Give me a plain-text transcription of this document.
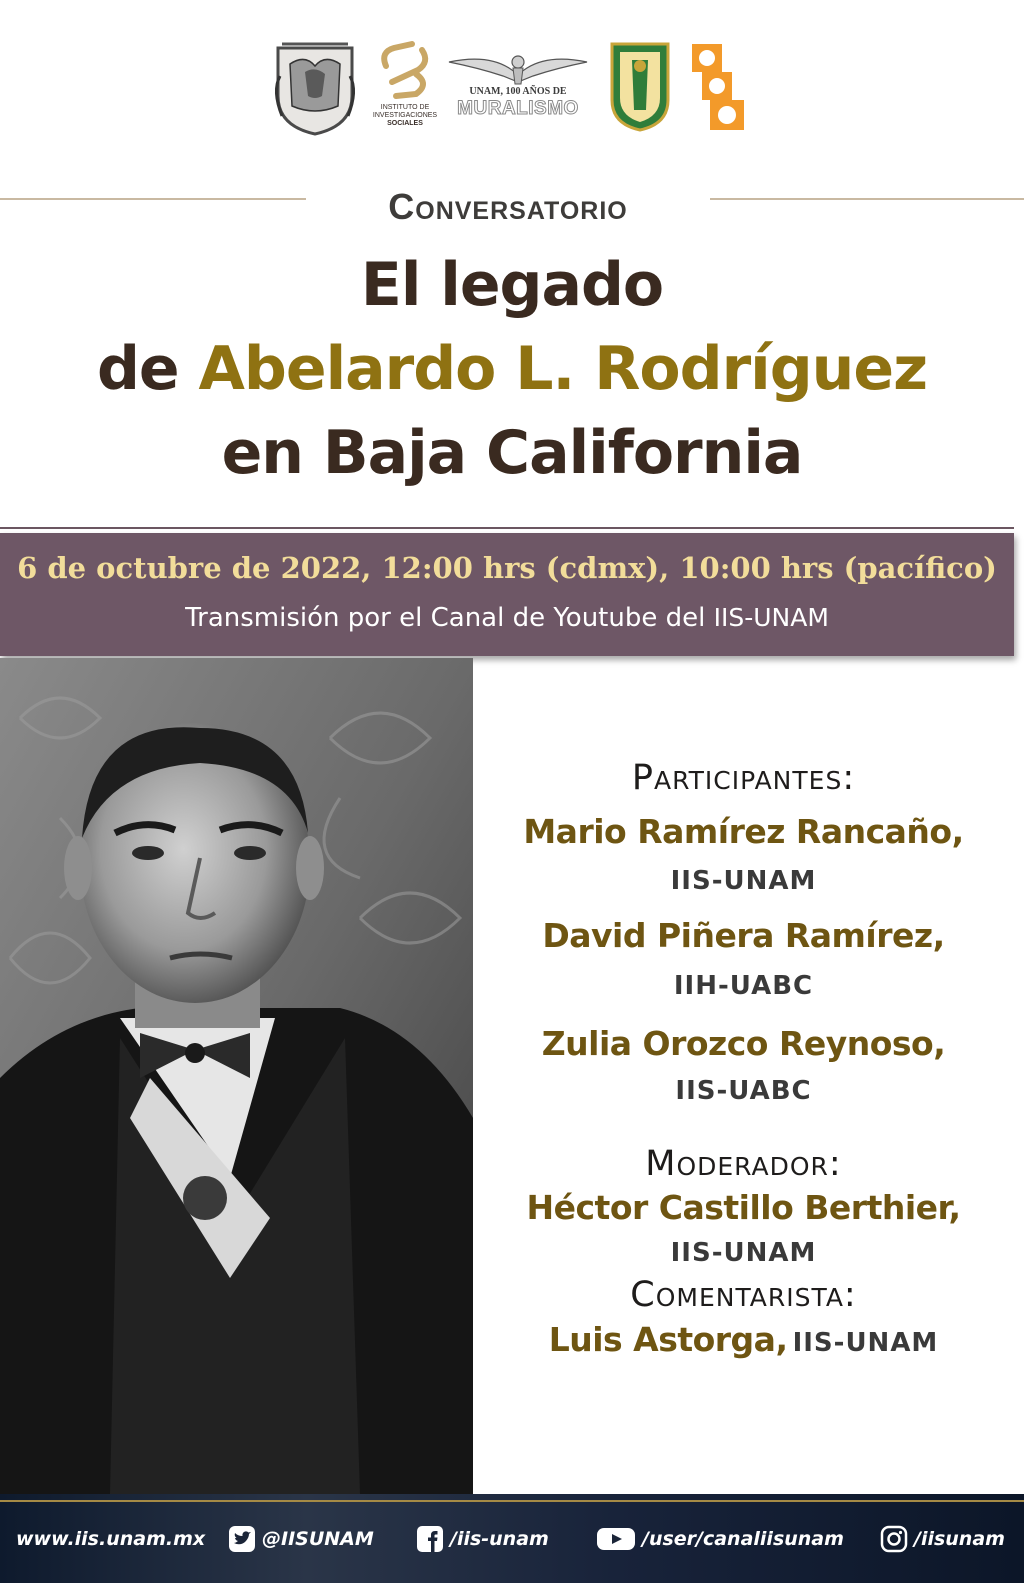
INSTITUTO DE
INVESTIGACIONES
SOCIALES
UNAM, 100 AÑOS DE
MURALISMO
Conversatorio
El legado
de Abelardo L. Rodríguez
en Baja California
6 de octubre de 2022, 12:00 hrs (cdmx), 10:00 hrs (pacífico)
Transmisión por el Canal de Youtube del IIS-UNAM
Participantes:
Mario Ramírez Rancaño,
IIS-UNAM
David Piñera Ramírez,
IIH-UABC
Zulia Orozco Reynoso,
IIS-UABC
Moderador:
Héctor Castillo Berthier,
IIS-UNAM
Comentarista:
Luis Astorga, IIS-UNAM
www.iis.unam.mx	@IISUNAM	/iis-unam	/user/canaliisunam	/iisunam
